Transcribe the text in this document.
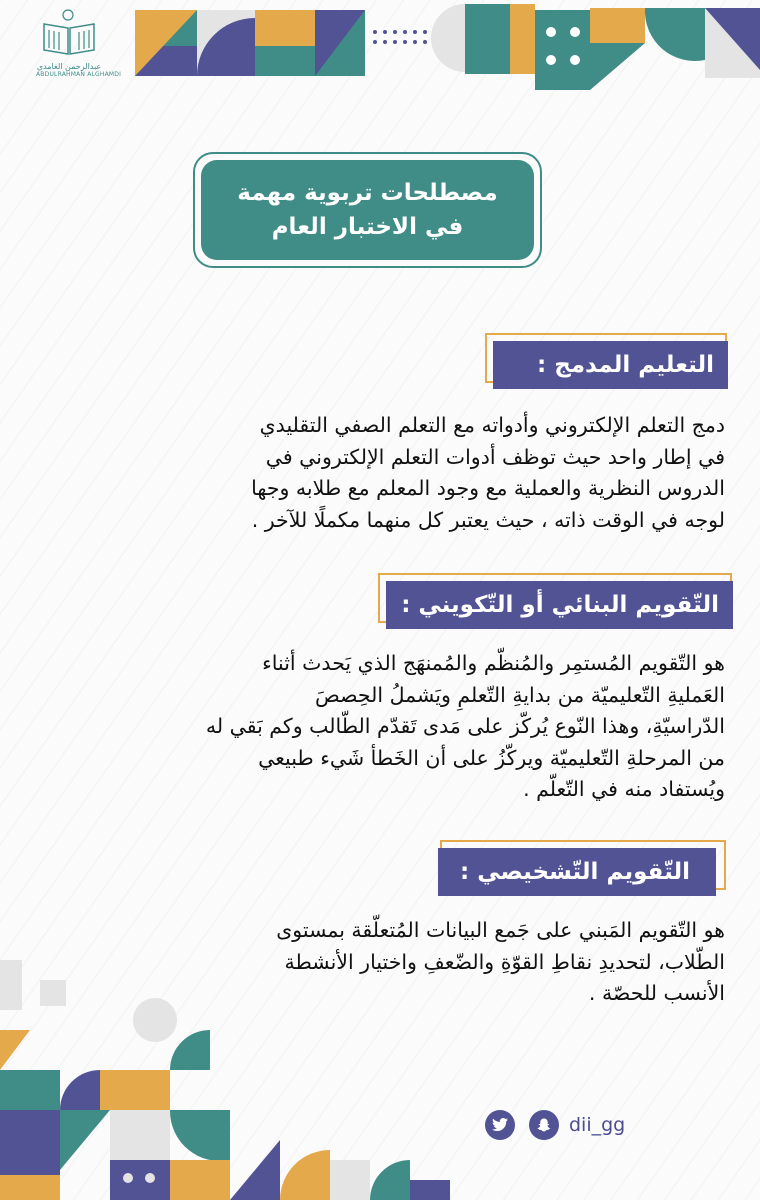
عبدالرحمن الغامدي
ABDULRAHMAN ALGHAMDI
مصطلحات تربوية مهمة
في الاختبار العام
التعليم المدمج :
دمج التعلم الإلكتروني وأدواته مع التعلم الصفي التقليدي
في إطار واحد حيث توظف أدوات التعلم الإلكتروني في
الدروس النظرية والعملية مع وجود المعلم مع طلابه وجها
لوجه في الوقت ذاته ، حيث يعتبر كل منهما مكملًا للآخر .
التّقويم البنائي أو التّكويني :
هو التّقويم المُستمِر والمُنظّم والمُمنهَج الذي يَحدث أثناء
العَمليةِ التّعليميّة من بدايةِ التّعلمِ ويَشملُ الحِصصَ
الدّراسيّةِ، وهذا النّوع يُركّز على مَدى تَقدّم الطّالب وكم بَقي له
من المرحلةِ التّعليميّة ويركّزُ على أن الخَطأ شَيء طبيعي
ويُستفاد منه في التّعلّم .
التّقويم التّشخيصي :
هو التّقويم المَبني على جَمع البيانات المُتعلّقة بمستوى
الطّلاب، لتحديدِ نقاطِ القوّةِ والضّعفِ واختيار الأنشطة
الأنسب للحصّة .
dii_gg
